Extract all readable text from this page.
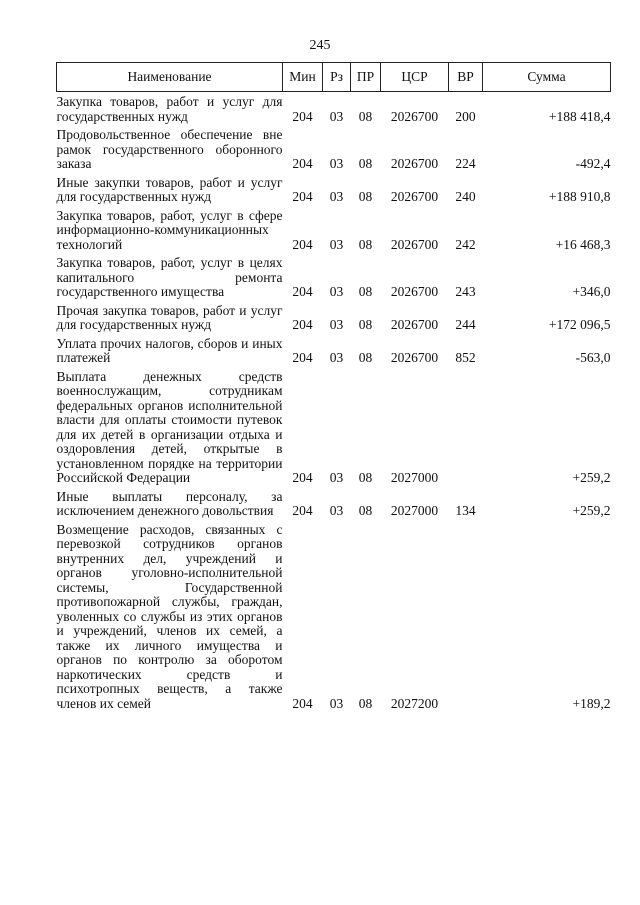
245
Наименование	Мин	Рз	ПР	ЦСР	ВР	Сумма
Закупка товаров, работ и услуг для государственных нужд	204	03	08	2026700	200	+188 418,4
Продовольственное обеспечение вне рамок государственного оборонного заказа	204	03	08	2026700	224	-492,4
Иные закупки товаров, работ и услуг для государственных нужд	204	03	08	2026700	240	+188 910,8
Закупка товаров, работ, услуг в сфере информационно-коммуникационных технологий	204	03	08	2026700	242	+16 468,3
Закупка товаров, работ, услуг в целях капитального ремонта государственного имущества	204	03	08	2026700	243	+346,0
Прочая закупка товаров, работ и услуг для государственных нужд	204	03	08	2026700	244	+172 096,5
Уплата прочих налогов, сборов и иных платежей	204	03	08	2026700	852	-563,0
Выплата денежных средств военнослужащим, сотрудникам федеральных органов исполнительной власти для оплаты стоимости путевок для их детей в организации отдыха и оздоровления детей, открытые в установленном порядке на территории Российской Федерации	204	03	08	2027000		+259,2
Иные выплаты персоналу, за исключением денежного довольствия	204	03	08	2027000	134	+259,2
Возмещение расходов, связанных с перевозкой сотрудников органов внутренних дел, учреждений и органов уголовно-исполнительной системы, Государственной противопожарной службы, граждан, уволенных со службы из этих органов и учреждений, членов их семей, а также их личного имущества и органов по контролю за оборотом наркотических средств и психотропных веществ, а также членов их семей	204	03	08	2027200		+189,2
